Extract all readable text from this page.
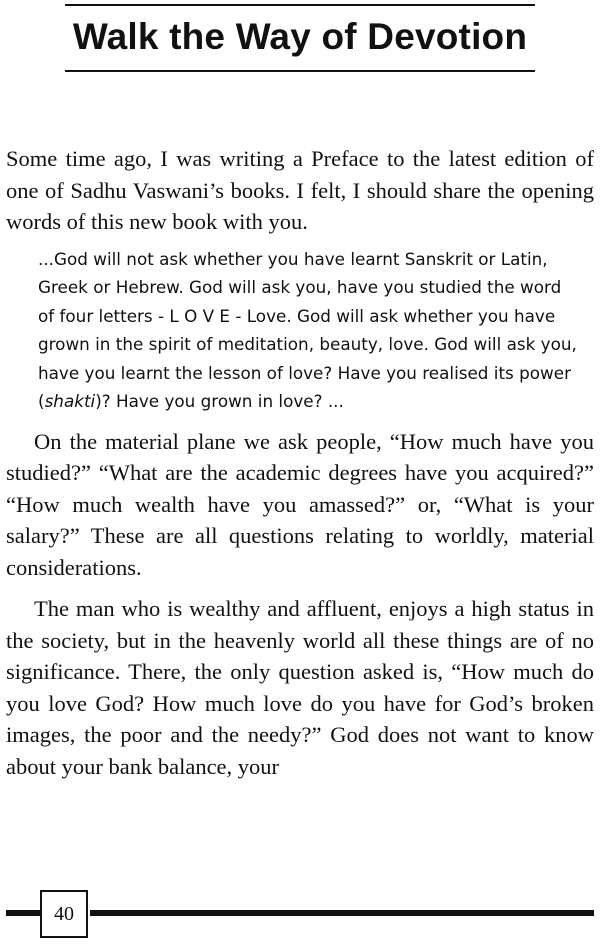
Walk the Way of Devotion

Some time ago, I was writing a Preface to the latest edition of one of Sadhu Vaswani’s books. I felt, I should share the opening words of this new book with you.

...God will not ask whether you have learnt Sanskrit or Latin, Greek or Hebrew. God will ask you, have you studied the word of four letters - L O V E - Love. God will ask whether you have grown in the spirit of meditation, beauty, love. God will ask you, have you learnt the lesson of love? Have you realised its power (shakti)? Have you grown in love? ...

On the material plane we ask people, “How much have you studied?” “What are the academic degrees have you acquired?” “How much wealth have you amassed?” or, “What is your salary?” These are all questions relating to worldly, material considerations.

The man who is wealthy and affluent, enjoys a high status in the society, but in the heavenly world all these things are of no significance. There, the only question asked is, “How much do you love God? How much love do you have for God’s broken images, the poor and the needy?” God does not want to know about your bank balance, your

40
